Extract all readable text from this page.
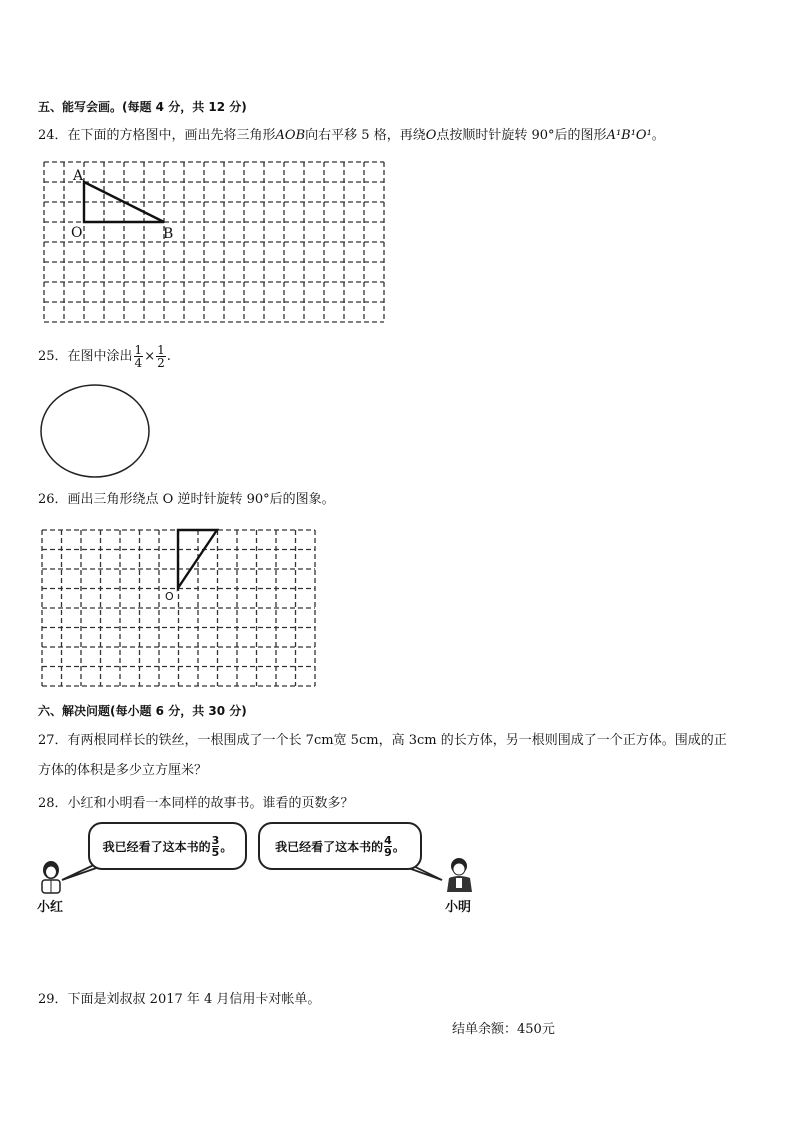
五、能写会画。(每题 4 分，共 12 分)
24．在下面的方格图中，画出先将三角形AOB向右平移 5 格，再绕O点按顺时针旋转 90°后的图形A¹B¹O¹。
A
O	B
25．在图中涂出 $\frac{1}{4} \times \frac{1}{2}$ .
26．画出三角形绕点 O 逆时针旋转 90°后的图象。
O
六、解决问题(每小题 6 分，共 30 分)
27．有两根同样长的铁丝，一根围成了一个长 7cm宽 5cm，高 3cm 的长方体，另一根则围成了一个正方体。围成的正
方体的体积是多少立方厘米？
28．小红和小明看一本同样的故事书。谁看的页数多？
我已经看了这本书的 $\frac{3}{5}$ 。	我已经看了这本书的 $\frac{4}{9}$ 。
小红	小明
29．下面是刘叔叔 2017 年 4 月信用卡对帐单。
结单余额：450元
